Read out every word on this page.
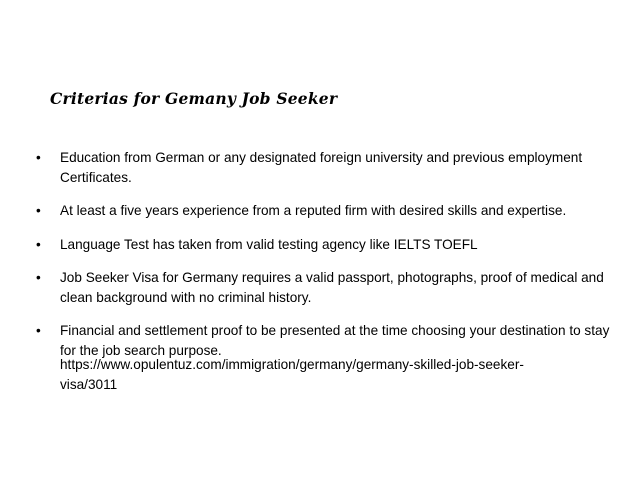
Criterias for Gemany Job Seeker
• Education from German or any designated foreign university and previous employment Certificates.
• At least a five years experience from a reputed firm with desired skills and expertise.
• Language Test has taken from valid testing agency like IELTS TOEFL
• Job Seeker Visa for Germany requires a valid passport, photographs, proof of medical and clean background with no criminal history.
• Financial and settlement proof to be presented at the time choosing your destination to stay for the job search purpose.

https://www.opulentuz.com/immigration/germany/germany-skilled-job-seeker-visa/3011
